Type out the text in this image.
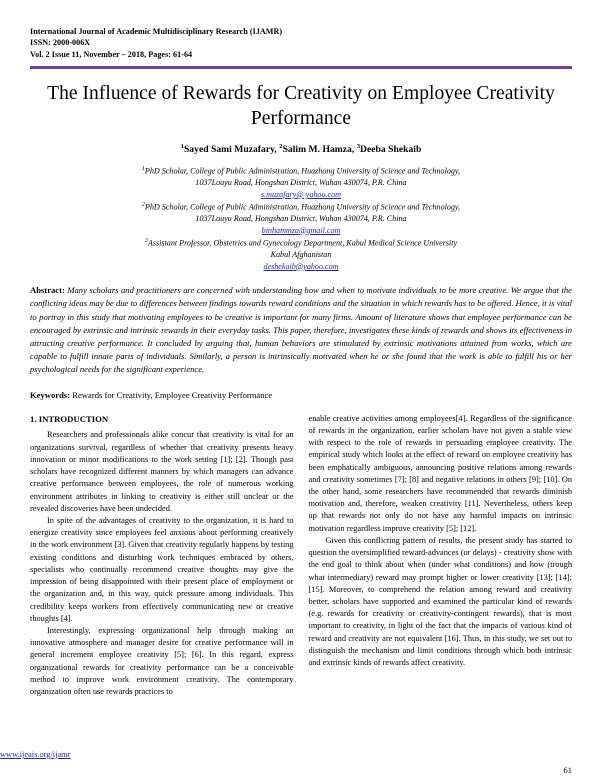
International Journal of Academic Multidisciplinary Research (IJAMR)
ISSN: 2000-006X
Vol. 2 Issue 11, November – 2018, Pages: 61-64
The Influence of Rewards for Creativity on Employee Creativity Performance
$^1$Sayed Sami Muzafary, $^2$Salim M. Hamza, $^3$Deeba Shekaib
$^1$PhD Scholar, College of Public Administration, Huazhong University of Science and Technology,
1037Louyu Road, Hongshan District, Wuhan 430074, P.R. China
s.muzafary@ yahoo.com
$^2$PhD Scholar, College of Public Administration, Huazhong University of Science and Technology,
1037Louyu Road, Hongshan District, Wuhan 430074, P.R. China
binhammza@gmail.com
$^3$Assistant Professor, Obstetrics and Gynecology Department, Kabul Medical Science University
Kabul Afghanistan
deshekaib@yahoo.com
Abstract: Many scholars and practitioners are concerned with understanding how and when to motivate individuals to be more creative. We argue that the conflicting ideas may be due to differences between findings towards reward conditions and the situation in which rewards has to be offered. Hence, it is vital to portray in this study that motivating employees to be creative is important for many firms. Amount of literature shows that employee performance can be encouraged by extrinsic and intrinsic rewards in their everyday tasks. This paper, therefore, investigates these kinds of rewards and shows its effectiveness in attracting creative performance. It concluded by arguing that, human behaviors are stimulated by extrinsic motivations attained from works, which are capable to fulfill innate parts of individuals. Similarly, a person is intrinsically motivated when he or she found that the work is able to fulfill his or her psychological needs for the significant experience.
Keywords: Rewards for Creativity, Employee Creativity Performance
1. INTRODUCTION

Researchers and professionals alike concur that creativity is vital for an organizations survival, regardless of whether that creativity presents heavy innovation or minor modifications to the work setting [1]; [2]. Though past scholars have recognized different manners by which managers can advance creative performance between employees, the role of numerous working environment attributes in linking to creativity is either still unclear or the revealed discoveries have been undecided.

In spite of the advantages of creativity to the organization, it is hard to energize creativity since employees feel anxious about performing creatively in the work environment [3]. Given that creativity regularly happens by testing existing conditions and disturbing work techniques embraced by others, specialists who continually recommend creative thoughts may give the impression of being disappointed with their present place of employment or the organization and, in this way, quick pressure among individuals. This credibility keeps workers from effectively communicating new or creative thoughts [4].

Interestingly, expressing organizational help through making an innovative atmosphere and manager desire for creative performance will in general increment employee creativity [5]; [6]. In this regard, express organizational rewards for creativity performance can be a conceivable method to improve work environment creativity. The contemporary organization often use rewards practices to

enable creative activities among employees[4]. Regardless of the significance of rewards in the organization, earlier scholars have not given a stable view with respect to the role of rewards in persuading employee creativity. The empirical study which looks at the effect of reward on employee creativity has been emphatically ambiguous, announcing positive relations among rewards and creativity sometimes [7]; [8] and negative relations in others [9]; [10]. On the other hand, some researchers have recommended that rewards diminish motivation and, therefore, weaken creativity [11]. Nevertheless, others keep up that rewards not only do not have any harmful impacts on intrinsic motivation regardless improve creativity [5]; [12].

Given this conflicting pattern of results, the present study has started to question the oversimplified reward-advances (or delays) - creativity show with the end goal to think about when (under what conditions) and how (trough what intermediary) reward may prompt higher or lower creativity [13]; [14]; [15]. Moreover, to comprehend the relation among reward and creativity better, scholars have supported and examined the particular kind of rewards (e.g. rewards for creativity or creativity-contingent rewards), that is most important to creativity, in light of the fact that the impacts of various kind of reward and creativity are not equivalent [16]. Thus, in this study, we set out to distinguish the mechanism and limit conditions through which both intrinsic and extrinsic kinds of rewards affect creativity.

www.ijeais.org/ijamr
61
